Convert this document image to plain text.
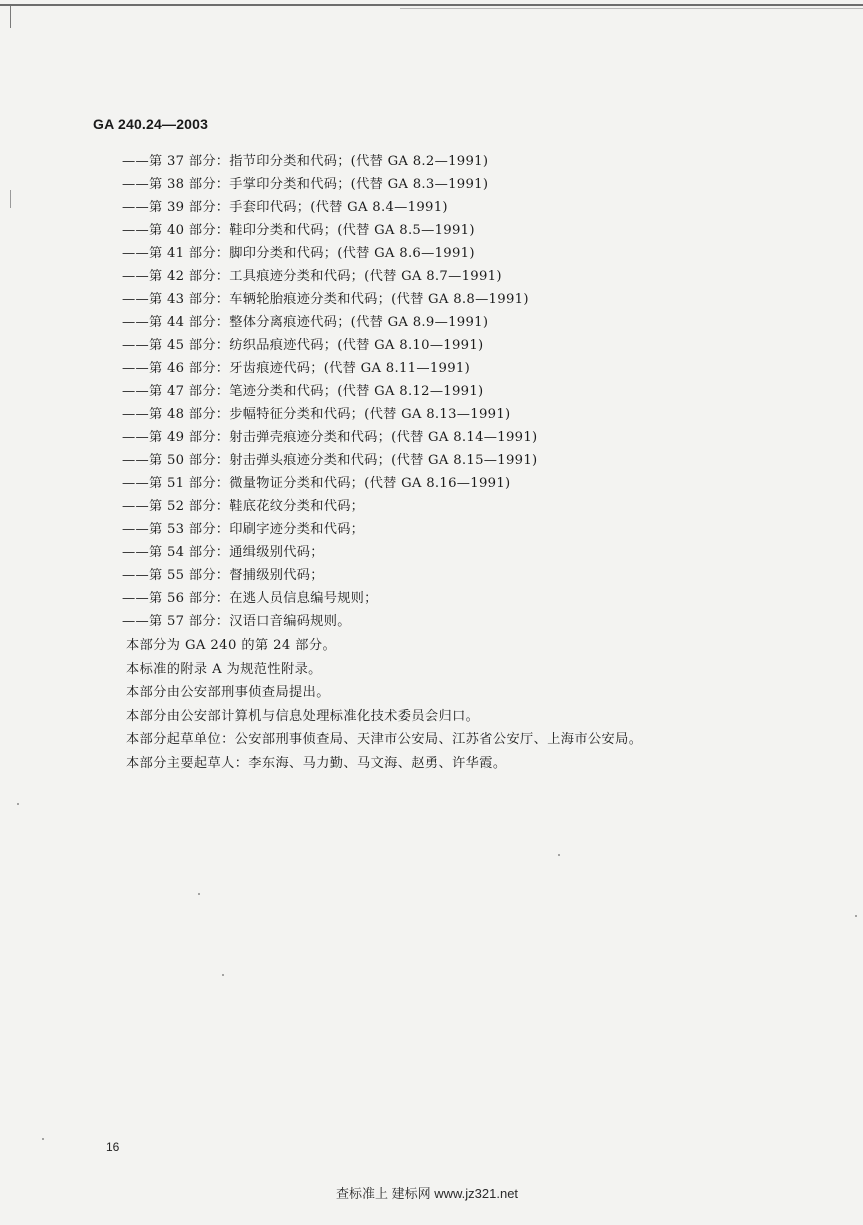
GA 240.24—2003
——第 37 部分：指节印分类和代码；(代替 GA 8.2—1991)
——第 38 部分：手掌印分类和代码；(代替 GA 8.3—1991)
——第 39 部分：手套印代码；(代替 GA 8.4—1991)
——第 40 部分：鞋印分类和代码；(代替 GA 8.5—1991)
——第 41 部分：脚印分类和代码；(代替 GA 8.6—1991)
——第 42 部分：工具痕迹分类和代码；(代替 GA 8.7—1991)
——第 43 部分：车辆轮胎痕迹分类和代码；(代替 GA 8.8—1991)
——第 44 部分：整体分离痕迹代码；(代替 GA 8.9—1991)
——第 45 部分：纺织品痕迹代码；(代替 GA 8.10—1991)
——第 46 部分：牙齿痕迹代码；(代替 GA 8.11—1991)
——第 47 部分：笔迹分类和代码；(代替 GA 8.12—1991)
——第 48 部分：步幅特征分类和代码；(代替 GA 8.13—1991)
——第 49 部分：射击弹壳痕迹分类和代码；(代替 GA 8.14—1991)
——第 50 部分：射击弹头痕迹分类和代码；(代替 GA 8.15—1991)
——第 51 部分：微量物证分类和代码；(代替 GA 8.16—1991)
——第 52 部分：鞋底花纹分类和代码；
——第 53 部分：印刷字迹分类和代码；
——第 54 部分：通缉级别代码；
——第 55 部分：督捕级别代码；
——第 56 部分：在逃人员信息编号规则；
——第 57 部分：汉语口音编码规则。
本部分为 GA 240 的第 24 部分。
本标准的附录 A 为规范性附录。
本部分由公安部刑事侦查局提出。
本部分由公安部计算机与信息处理标准化技术委员会归口。
本部分起草单位：公安部刑事侦查局、天津市公安局、江苏省公安厅、上海市公安局。
本部分主要起草人：李东海、马力勤、马文海、赵勇、许华霞。
16
查标准上 建标网 www.jz321.net
